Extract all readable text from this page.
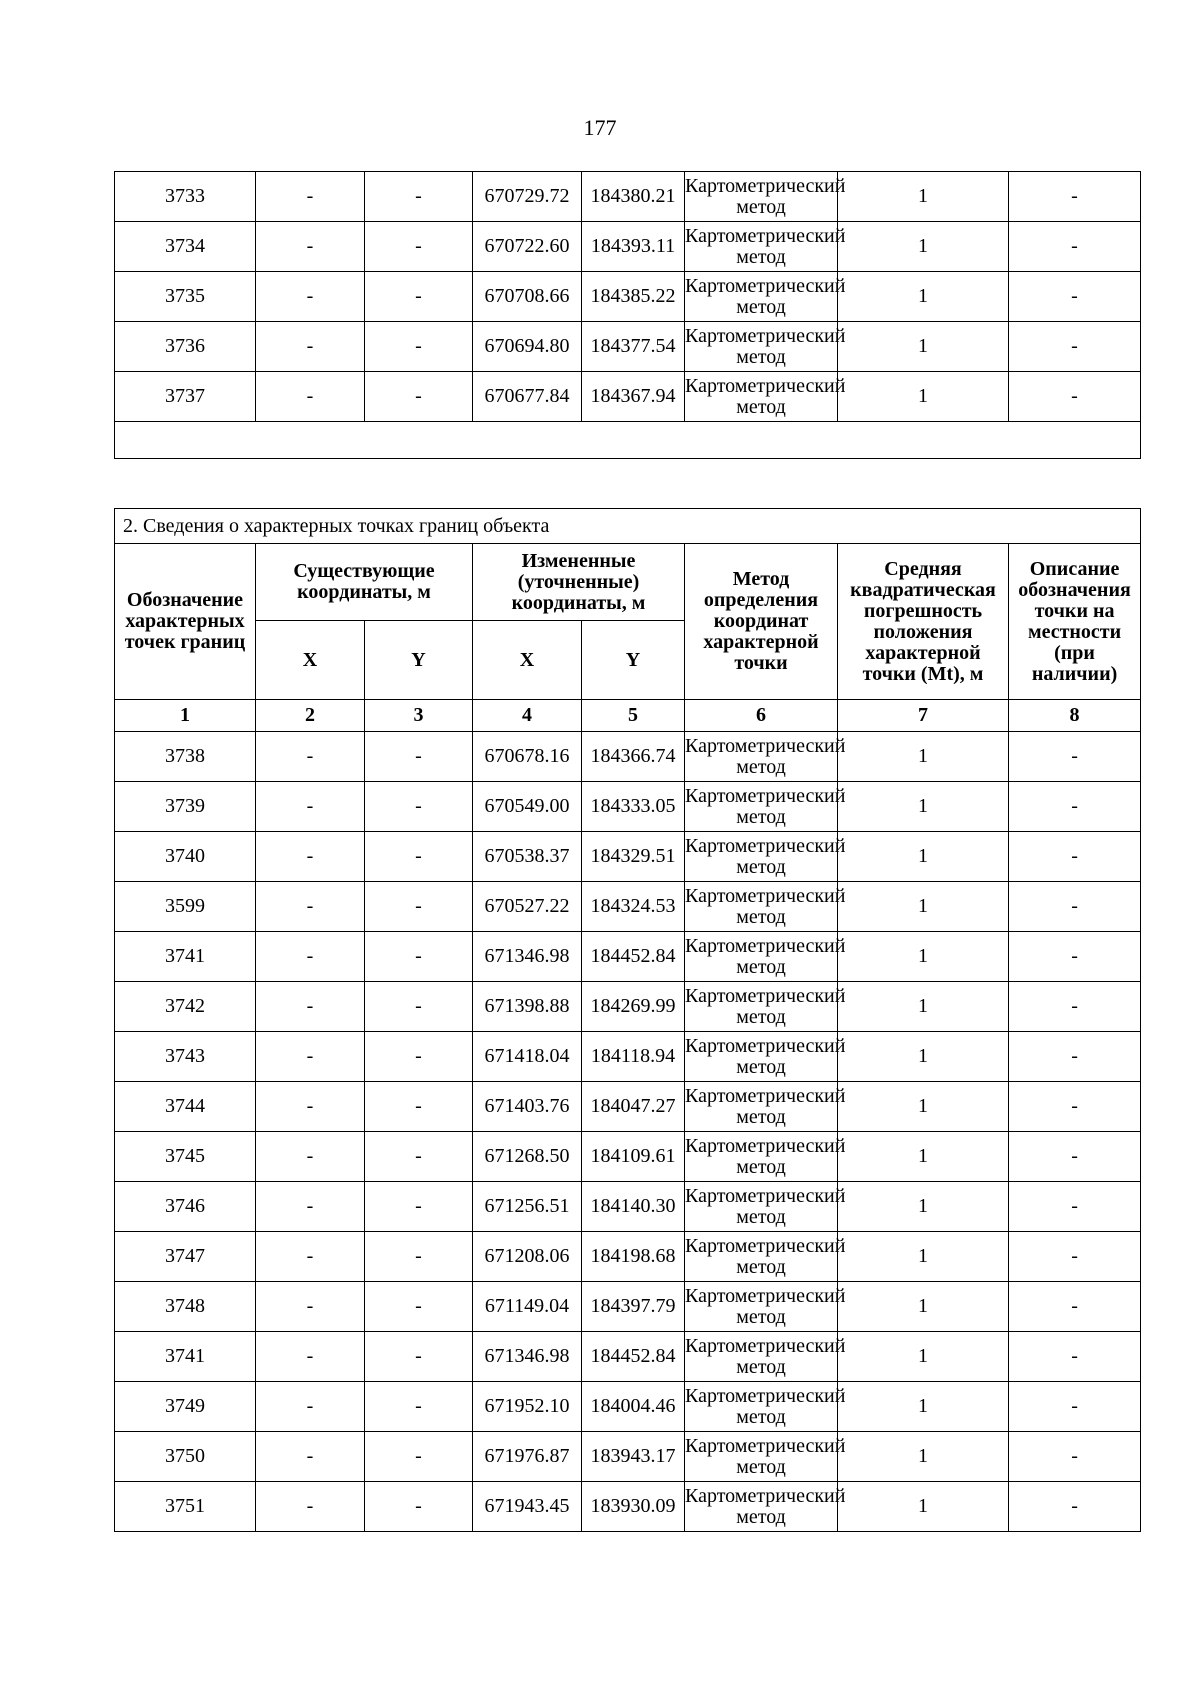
177
3733	-	-	670729.72	184380.21	Картометрический метод	1	-
3734	-	-	670722.60	184393.11	Картометрический метод	1	-
3735	-	-	670708.66	184385.22	Картометрический метод	1	-
3736	-	-	670694.80	184377.54	Картометрический метод	1	-
3737	-	-	670677.84	184367.94	Картометрический метод	1	-

2. Сведения о характерных точках границ объекта							
Обозначение характерных точек границ	Существующие координаты, м		Измененные (уточненные) координаты, м		Метод определения координат характерной точки	Средняя квадратическая погрешность положения характерной точки (Mt), м	Описание обозначения точки на местности (при наличии)
	X	Y	X	Y			
1	2	3	4	5	6	7	8
3738	-	-	670678.16	184366.74	Картометрический метод	1	-
3739	-	-	670549.00	184333.05	Картометрический метод	1	-
3740	-	-	670538.37	184329.51	Картометрический метод	1	-
3599	-	-	670527.22	184324.53	Картометрический метод	1	-
3741	-	-	671346.98	184452.84	Картометрический метод	1	-
3742	-	-	671398.88	184269.99	Картометрический метод	1	-
3743	-	-	671418.04	184118.94	Картометрический метод	1	-
3744	-	-	671403.76	184047.27	Картометрический метод	1	-
3745	-	-	671268.50	184109.61	Картометрический метод	1	-
3746	-	-	671256.51	184140.30	Картометрический метод	1	-
3747	-	-	671208.06	184198.68	Картометрический метод	1	-
3748	-	-	671149.04	184397.79	Картометрический метод	1	-
3741	-	-	671346.98	184452.84	Картометрический метод	1	-
3749	-	-	671952.10	184004.46	Картометрический метод	1	-
3750	-	-	671976.87	183943.17	Картометрический метод	1	-
3751	-	-	671943.45	183930.09	Картометрический метод	1	-
